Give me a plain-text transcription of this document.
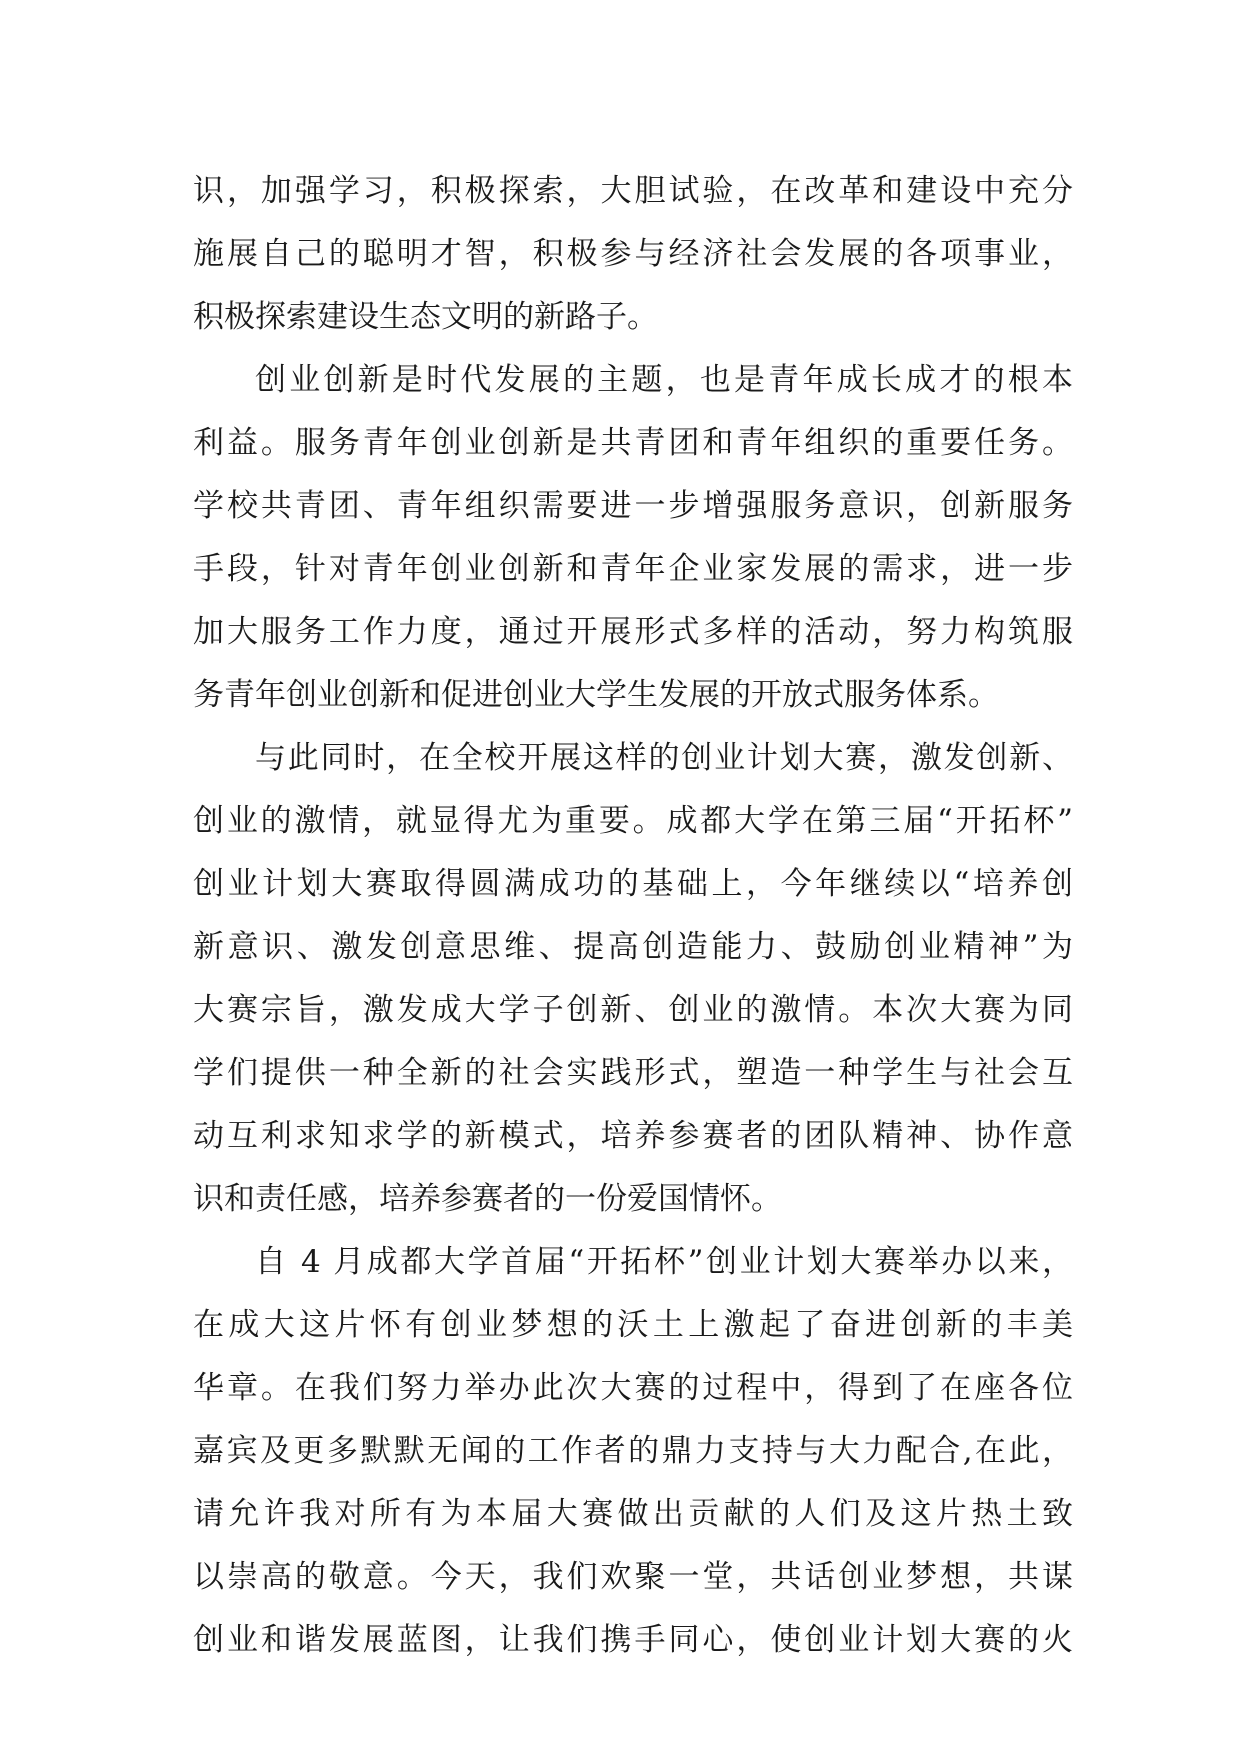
识，加强学习，积极探索，大胆试验，在改革和建设中充分
施展自己的聪明才智，积极参与经济社会发展的各项事业，
积极探索建设生态文明的新路子。
创业创新是时代发展的主题，也是青年成长成才的根本
利益。服务青年创业创新是共青团和青年组织的重要任务。
学校共青团、青年组织需要进一步增强服务意识，创新服务
手段，针对青年创业创新和青年企业家发展的需求，进一步
加大服务工作力度，通过开展形式多样的活动，努力构筑服
务青年创业创新和促进创业大学生发展的开放式服务体系。
与此同时，在全校开展这样的创业计划大赛，激发创新、
创业的激情，就显得尤为重要。成都大学在第三届“开拓杯”
创业计划大赛取得圆满成功的基础上，今年继续以“培养创
新意识、激发创意思维、提高创造能力、鼓励创业精神”为
大赛宗旨，激发成大学子创新、创业的激情。本次大赛为同
学们提供一种全新的社会实践形式，塑造一种学生与社会互
动互利求知求学的新模式，培养参赛者的团队精神、协作意
识和责任感，培养参赛者的一份爱国情怀。
自 4 月成都大学首届“开拓杯”创业计划大赛举办以来，
在成大这片怀有创业梦想的沃土上激起了奋进创新的丰美
华章。在我们努力举办此次大赛的过程中，得到了在座各位
嘉宾及更多默默无闻的工作者的鼎力支持与大力配合,在此，
请允许我对所有为本届大赛做出贡献的人们及这片热土致
以崇高的敬意。今天，我们欢聚一堂，共话创业梦想，共谋
创业和谐发展蓝图，让我们携手同心，使创业计划大赛的火
